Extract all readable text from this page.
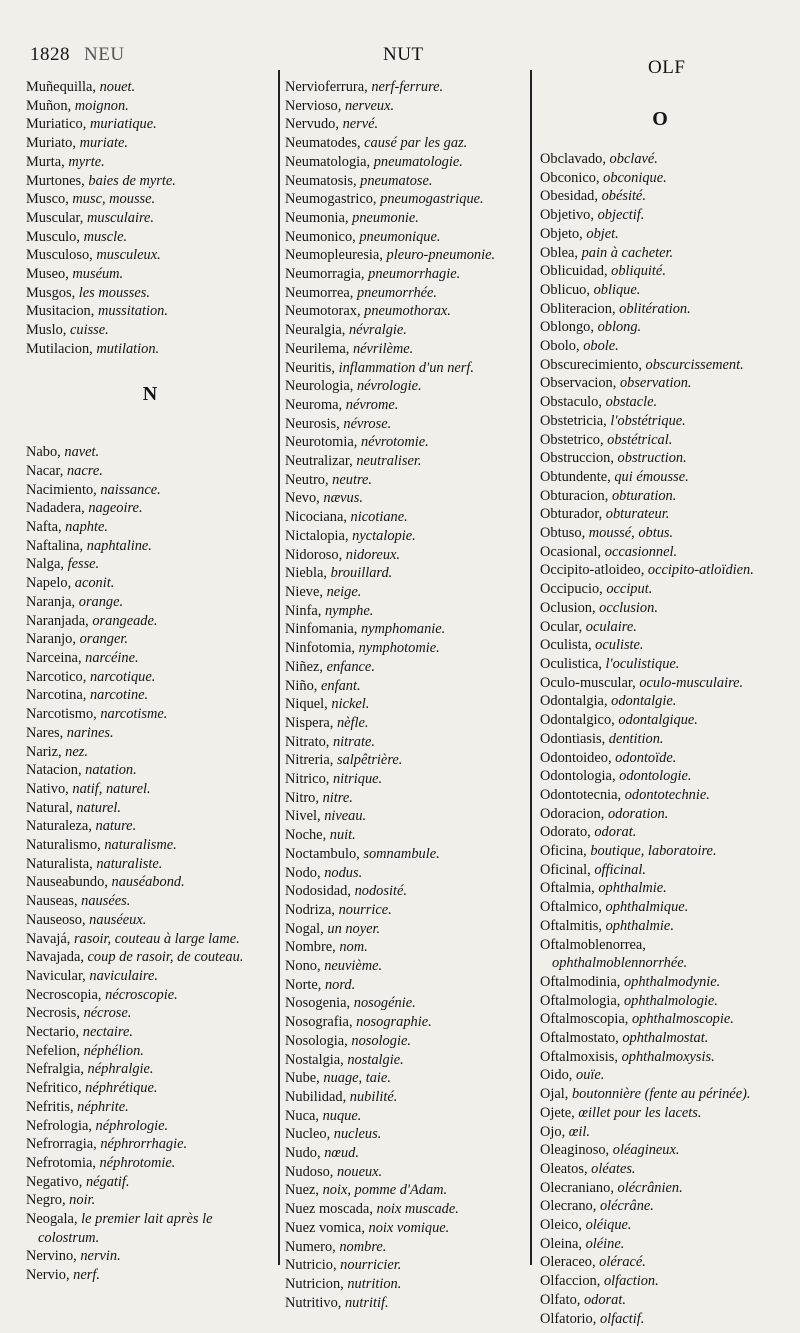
1828 NEU	NUT
OLF
Muñequilla , nouet.
Muñon , moignon.
Muriatico , muriatique.
Muriato , muriate.
Murta , myrte.
Murtones , baies de myrte.
Musco , musc, mousse.
Muscular , musculaire.
Musculo , muscle.
Musculoso , musculeux.
Museo , muséum.
Musgos , les mousses.
Musitacion , mussitation.
Muslo , cuisse.
Mutilacion , mutilation.
N
Nabo , navet.
Nacar , nacre.
Nacimiento , naissance.
Nadadera , nageoire.
Nafta , naphte.
Naftalina , naphtaline.
Nalga , fesse.
Napelo , aconit.
Naranja , orange.
Naranjada , orangeade.
Naranjo , oranger.
Narceina , narcéine.
Narcotico , narcotique.
Narcotina , narcotine.
Narcotismo , narcotisme.
Nares , narines.
Nariz , nez.
Natacion , natation.
Nativo , natif, naturel.
Natural , naturel.
Naturaleza , nature.
Naturalismo , naturalisme.
Naturalista , naturaliste.
Nauseabundo , nauséabond.
Nauseas , nausées.
Nauseoso , nauséeux.
Navajá , rasoir, couteau à large lame.
Navajada , coup de rasoir, de couteau.
Navicular , naviculaire.
Necroscopia , nécroscopie.
Necrosis , nécrose.
Nectario , nectaire.
Nefelion , néphélion.
Nefralgia , néphralgie.
Nefritico , néphrétique.
Nefritis , néphrite.
Nefrologia , néphrologie.
Nefrorragia , néphrorrhagie.
Nefrotomia , néphrotomie.
Negativo , négatif.
Negro , noir.
Neogala , le premier lait après le colostrum.
Nervino , nervin.
Nervio , nerf.
Nervioferrura , nerf-ferrure.
Nervioso , nerveux.
Nervudo , nervé.
Neumatodes , causé par les gaz.
Neumatologia , pneumatologie.
Neumatosis , pneumatose.
Neumogastrico , pneumogastrique.
Neumonia , pneumonie.
Neumonico , pneumonique.
Neumopleuresia , pleuro-pneumonie.
Neumorragia , pneumorrhagie.
Neumorrea , pneumorrhée.
Neumotorax , pneumothorax.
Neuralgia , névralgie.
Neurilema , névrilème.
Neuritis , inflammation d'un nerf.
Neurologia , névrologie.
Neuroma , névrome.
Neurosis , névrose.
Neurotomia , névrotomie.
Neutralizar , neutraliser.
Neutro , neutre.
Nevo , nævus.
Nicociana , nicotiane.
Nictalopia , nyctalopie.
Nidoroso , nidoreux.
Niebla , brouillard.
Nieve , neige.
Ninfa , nymphe.
Ninfomania , nymphomanie.
Ninfotomia , nymphotomie.
Niñez , enfance.
Niño , enfant.
Niquel , nickel.
Nispera , nèfle.
Nitrato , nitrate.
Nitreria , salpêtrière.
Nitrico , nitrique.
Nitro , nitre.
Nivel , niveau.
Noche , nuit.
Noctambulo , somnambule.
Nodo , nodus.
Nodosidad , nodosité.
Nodriza , nourrice.
Nogal , un noyer.
Nombre , nom.
Nono , neuvième.
Norte , nord.
Nosogenia , nosogénie.
Nosografia , nosographie.
Nosologia , nosologie.
Nostalgia , nostalgie.
Nube , nuage, taie.
Nubilidad , nubilité.
Nuca , nuque.
Nucleo , nucleus.
Nudo , nœud.
Nudoso , noueux.
Nuez , noix, pomme d'Adam.
Nuez moscada , noix muscade.
Nuez vomica , noix vomique.
Numero , nombre.
Nutricio , nourricier.
Nutricion , nutrition.
Nutritivo , nutritif.
O
Obclavado , obclavé.
Obconico , obconique.
Obesidad , obésité.
Objetivo , objectif.
Objeto , objet.
Oblea , pain à cacheter.
Oblicuidad , obliquité.
Oblicuo , oblique.
Obliteracion , oblitération.
Oblongo , oblong.
Obolo , obole.
Obscurecimiento , obscurcissement.
Observacion , observation.
Obstaculo , obstacle.
Obstetricia , l'obstétrique.
Obstetrico , obstétrical.
Obstruccion , obstruction.
Obtundente , qui émousse.
Obturacion , obturation.
Obturador , obturateur.
Obtuso , moussé, obtus.
Ocasional , occasionnel.
Occipito-atloideo , occipito-atloïdien.
Occipucio , occiput.
Oclusion , occlusion.
Ocular , oculaire.
Oculista , oculiste.
Oculistica , l'oculistique.
Oculo-muscular , oculo-musculaire.
Odontalgia , odontalgie.
Odontalgico , odontalgique.
Odontiasis , dentition.
Odontoideo , odontoïde.
Odontologia , odontologie.
Odontotecnia , odontotechnie.
Odoracion , odoration.
Odorato , odorat.
Oficina , boutique, laboratoire.
Oficinal , officinal.
Oftalmia , ophthalmie.
Oftalmico , ophthalmique.
Oftalmitis , ophthalmie.
Oftalmoblenorrea , ophthalmoblennorrhée.
Oftalmodinia , ophthalmodynie.
Oftalmologia , ophthalmologie.
Oftalmoscopia , ophthalmoscopie.
Oftalmostato , ophthalmostat.
Oftalmoxisis , ophthalmoxysis.
Oido , ouïe.
Ojal , boutonnière (fente au périnée).
Ojete , œillet pour les lacets.
Ojo , œil.
Oleaginoso , oléagineux.
Oleatos , oléates.
Olecraniano , olécrânien.
Olecrano , olécrâne.
Oleico , oléique.
Oleina , oléine.
Oleraceo , oléracé.
Olfaccion , olfaction.
Olfato , odorat.
Olfatorio , olfactif.
